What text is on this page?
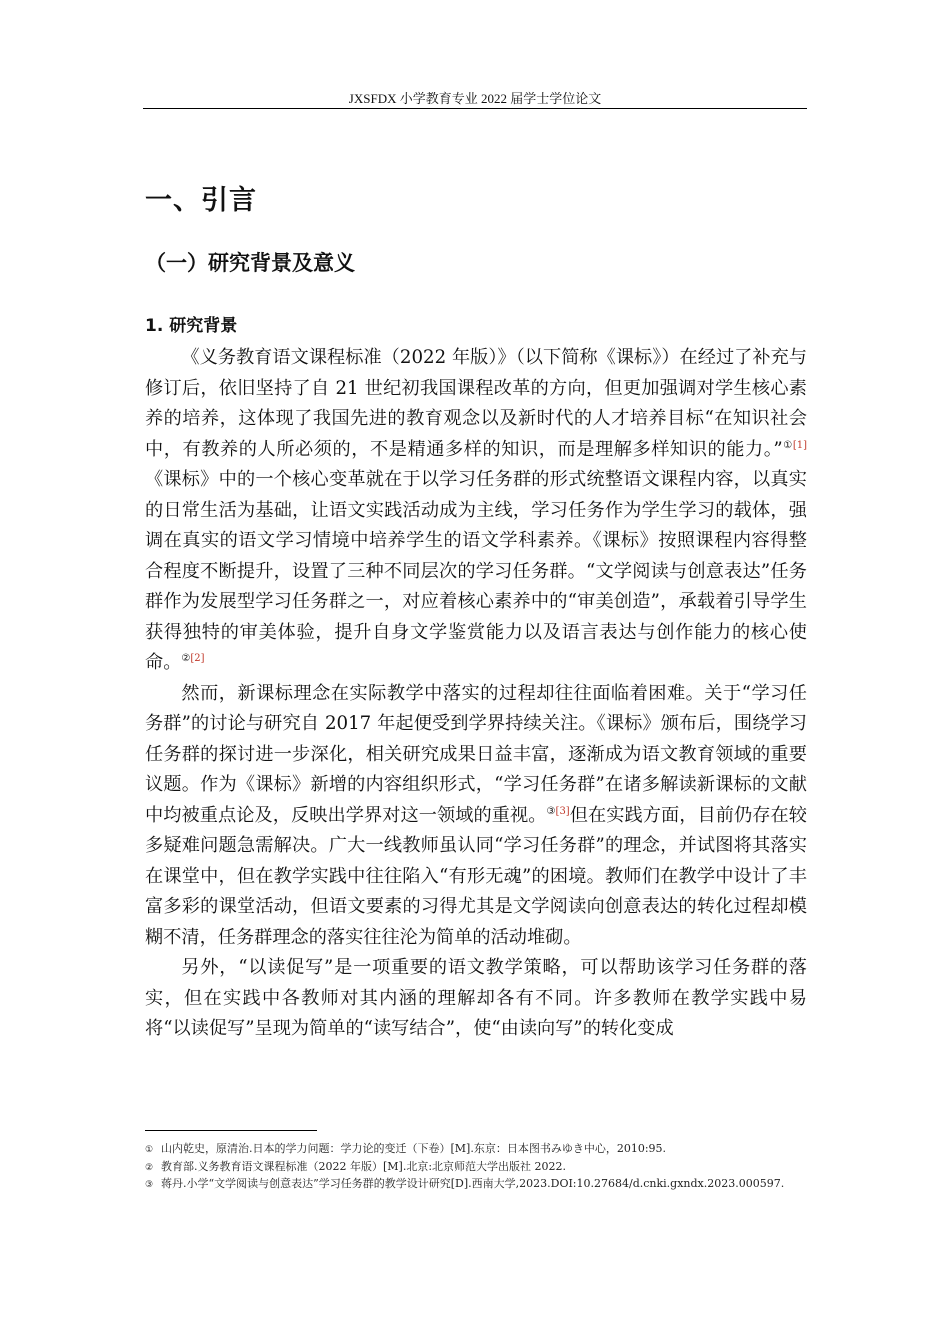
JXSFDX 小学教育专业 2022 届学士学位论文
一、引言
（一）研究背景及意义
1. 研究背景

《义务教育语文课程标准（2022 年版）》（以下简称《课标》）在经过了补充与修订后，依旧坚持了自 21 世纪初我国课程改革的方向，但更加强调对学生核心素养的培养，这体现了我国先进的教育观念以及新时代的人才培养目标“在知识社会中，有教养的人所必须的，不是精通多样的知识，而是理解多样知识的能力。”$^{①[1]}$《课标》中的一个核心变革就在于以学习任务群的形式统整语文课程内容，以真实的日常生活为基础，让语文实践活动成为主线，学习任务作为学生学习的载体，强调在真实的语文学习情境中培养学生的语文学科素养。《课标》按照课程内容得整合程度不断提升，设置了三种不同层次的学习任务群。“文学阅读与创意表达”任务群作为发展型学习任务群之一，对应着核心素养中的“审美创造”，承载着引导学生获得独特的审美体验，提升自身文学鉴赏能力以及语言表达与创作能力的核心使命。$^{②[2]}$

然而，新课标理念在实际教学中落实的过程却往往面临着困难。关于“学习任务群”的讨论与研究自 2017 年起便受到学界持续关注。《课标》颁布后，围绕学习任务群的探讨进一步深化，相关研究成果日益丰富，逐渐成为语文教育领域的重要议题。作为《课标》新增的内容组织形式，“学习任务群”在诸多解读新课标的文献中均被重点论及，反映出学界对这一领域的重视。$^{③[3]}$但在实践方面，目前仍存在较多疑难问题急需解决。广大一线教师虽认同“学习任务群”的理念，并试图将其落实在课堂中，但在教学实践中往往陷入“有形无魂”的困境。教师们在教学中设计了丰富多彩的课堂活动，但语文要素的习得尤其是文学阅读向创意表达的转化过程却模糊不清，任务群理念的落实往往沦为简单的活动堆砌。

另外，“以读促写”是一项重要的语文教学策略，可以帮助该学习任务群的落实，但在实践中各教师对其内涵的理解却各有不同。许多教师在教学实践中易将“以读促写”呈现为简单的“读写结合”，使“由读向写”的转化变成

① 山内乾史，原清治.日本的学力问题：学力论的变迁（下卷）[M].东京：日本图书みゆき中心，2010:95.

② 教育部.义务教育语文课程标准（2022 年版）[M].北京:北京师范大学出版社 2022.

③ 蒋丹.小学“文学阅读与创意表达”学习任务群的教学设计研究[D].西南大学,2023.DOI:10.27684/d.cnki.gxndx.2023.000597.
